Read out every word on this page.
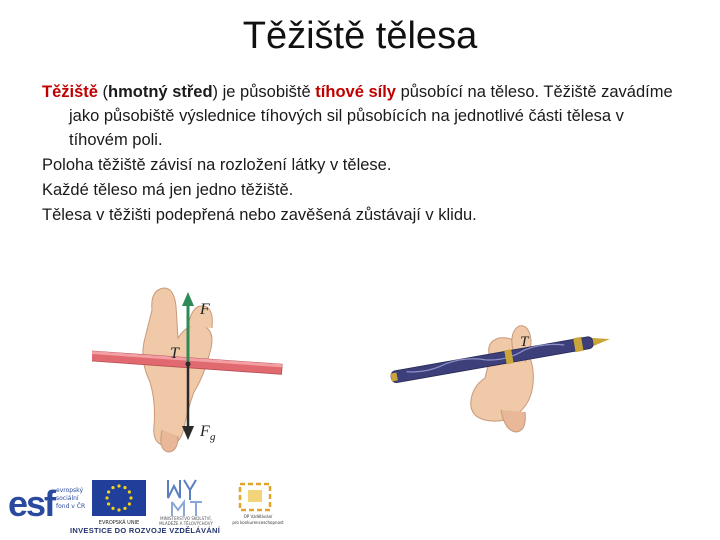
Těžiště tělesa

Těžiště (hmotný střed) je působiště tíhové síly působící na těleso. Těžiště zavádíme jako působiště výslednice tíhových sil působících na jednotlivé části tělesa v tíhovém poli.

Poloha těžiště závisí na rozložení látky v tělese.

Každé těleso má jen jedno těžiště.

Tělesa v těžišti podepřená nebo zavěšená zůstávají v klidu.

F
T
F g
T
esf evropský
sociální
fond v ČR
EVROPSKÁ UNIE
MINISTERSTVO ŠKOLSTVÍ,
MLÁDEŽE A TĚLOVÝCHOVY
OP Vzdělávání
pro konkurenceschopnost
INVESTICE DO ROZVOJE VZDĚLÁVÁNÍ
